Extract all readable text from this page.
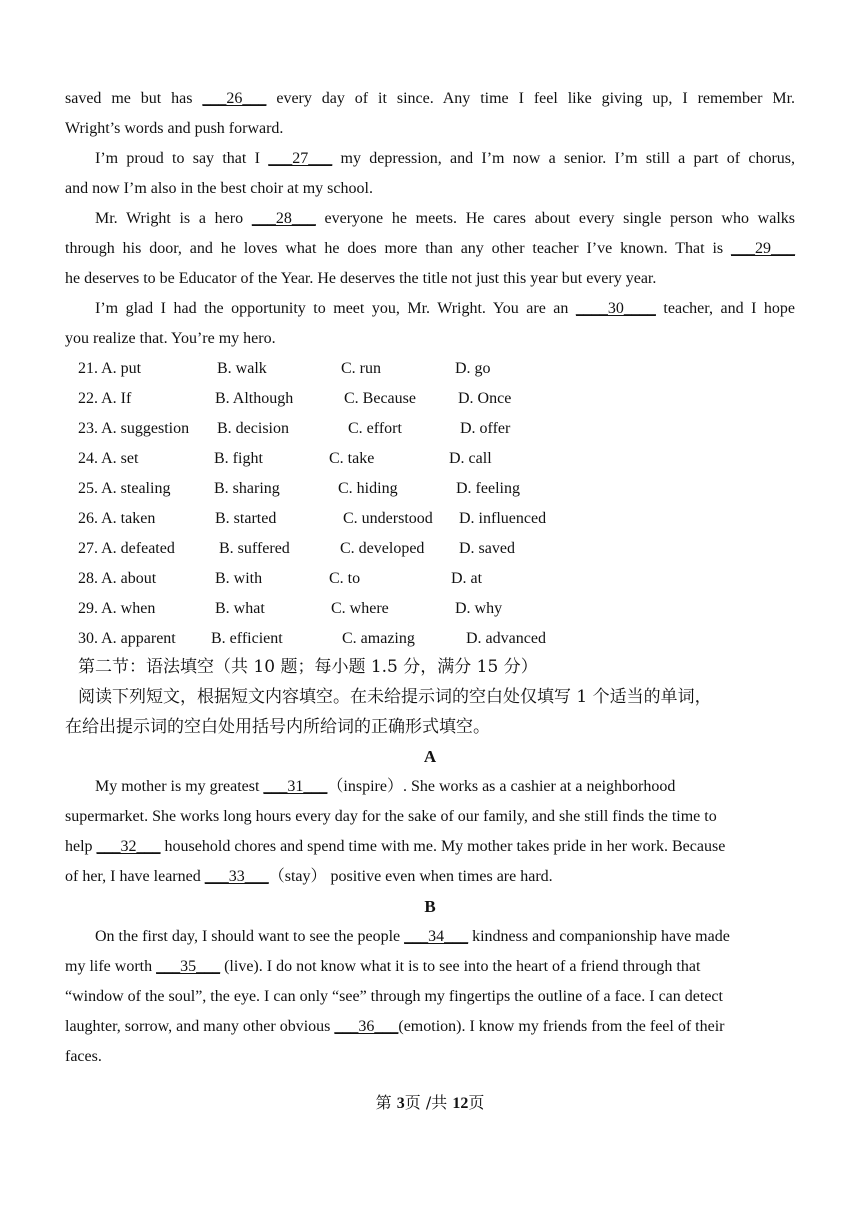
saved me but has ___26___ every day of it since. Any time I feel like giving up, I remember Mr.
Wright’s words and push forward.
I’m proud to say that I ___27___ my depression, and I’m now a senior. I’m still a part of chorus,
and now I’m also in the best choir at my school.
Mr. Wright is a hero ___28___ everyone he meets. He cares about every single person who walks
through his door, and he loves what he does more than any other teacher I’ve known. That is ___29___
he deserves to be Educator of the Year. He deserves the title not just this year but every year.
I’m glad I had the opportunity to meet you, Mr. Wright. You are an ____30____ teacher, and I hope
you realize that. You’re my hero.
21. A. put	B. walk	C. run	D. go
22. A. If	B. Although	C. Because	D. Once
23. A. suggestion B. decision	C. effort	D. offer
24. A. set	B. fight	C. take	D. call
25. A. stealing	B. sharing	C. hiding	D. feeling
26. A. taken	B. started	C. understood D. influenced
27. A. defeated	B. suffered	C. developed D. saved
28. A. about	B. with	C. to	D. at
29. A. when	B. what	C. where	D. why
30. A. apparent B. efficient	C. amazing	D. advanced
第二节：语法填空（共 10 题；每小题 1.5 分，满分 15 分）
阅读下列短文，根据短文内容填空。在未给提示词的空白处仅填写 1 个适当的单词，
在给出提示词的空白处用括号内所给词的正确形式填空。
A
My mother is my greatest ___31___（inspire）. She works as a cashier at a neighborhood
supermarket. She works long hours every day for the sake of our family, and she still finds the time to
help ___32___ household chores and spend time with me. My mother takes pride in her work. Because
of her, I have learned ___33___（stay） positive even when times are hard.
B
On the first day, I should want to see the people ___34___ kindness and companionship have made
my life worth ___35___ (live). I do not know what it is to see into the heart of a friend through that
“window of the soul”, the eye. I can only “see” through my fingertips the outline of a face. I can detect
laughter, sorrow, and many other obvious ___36___(emotion). I know my friends from the feel of their
faces.
第 3页 /共 12页
